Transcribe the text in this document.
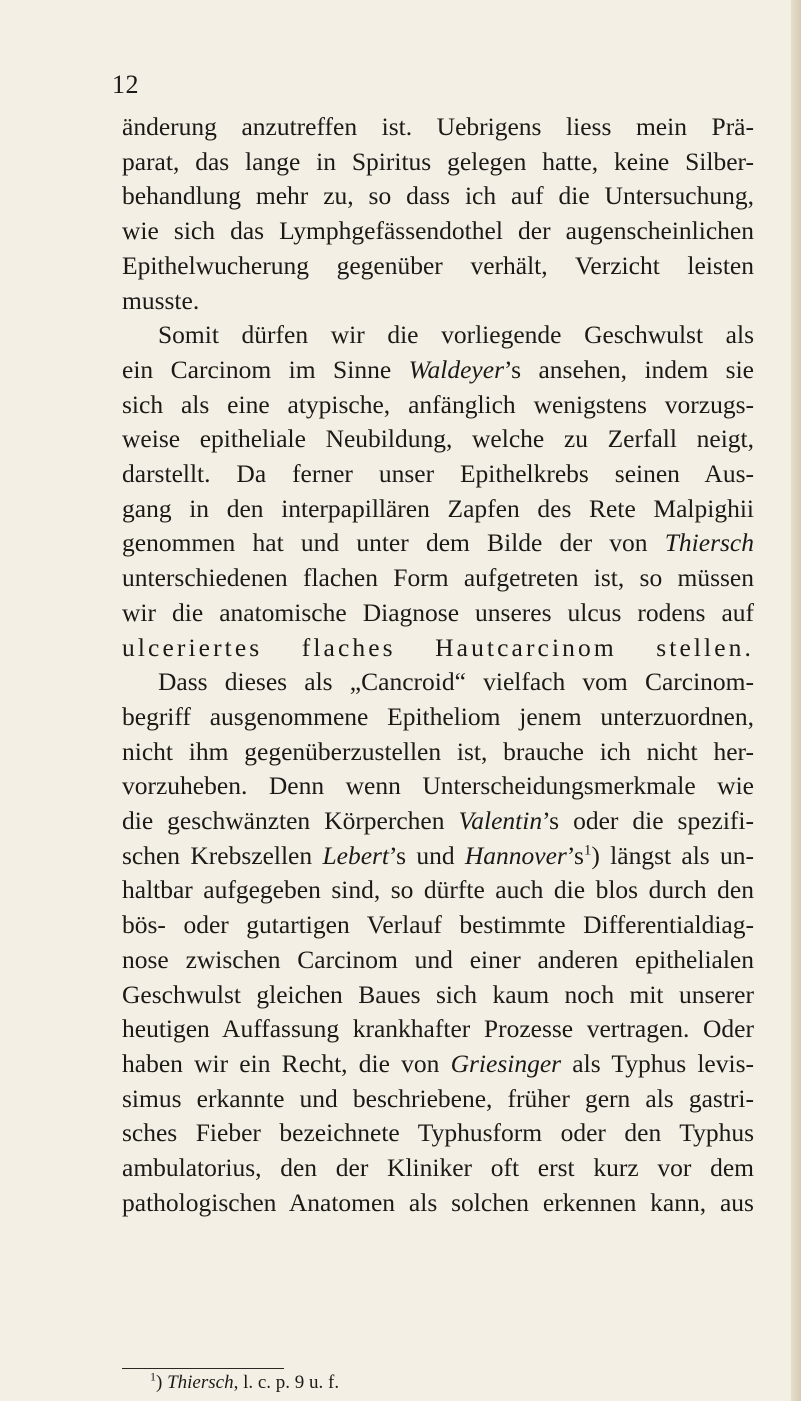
12
änderung anzutreffen ist. Uebrigens liess mein Prä-
parat, das lange in Spiritus gelegen hatte, keine Silber-
behandlung mehr zu, so dass ich auf die Untersuchung,
wie sich das Lymphgefässendothel der augenscheinlichen
Epithelwucherung gegenüber verhält, Verzicht leisten
musste.
Somit dürfen wir die vorliegende Geschwulst als
ein Carcinom im Sinne Waldeyer’s ansehen, indem sie
sich als eine atypische, anfänglich wenigstens vorzugs-
weise epitheliale Neubildung, welche zu Zerfall neigt,
darstellt. Da ferner unser Epithelkrebs seinen Aus-
gang in den interpapillären Zapfen des Rete Malpighii
genommen hat und unter dem Bilde der von Thiersch
unterschiedenen flachen Form aufgetreten ist, so müssen
wir die anatomische Diagnose unseres ulcus rodens auf
ulceriertes flaches Hautcarcinom stellen.
Dass dieses als „Cancroid“ vielfach vom Carcinom-
begriff ausgenommene Epitheliom jenem unterzuordnen,
nicht ihm gegenüberzustellen ist, brauche ich nicht her-
vorzuheben. Denn wenn Unterscheidungsmerkmale wie
die geschwänzten Körperchen Valentin’s oder die spezifi-
schen Krebszellen Lebert’s und $Hannover’s^1$) längst als un-
haltbar aufgegeben sind, so dürfte auch die blos durch den
bös- oder gutartigen Verlauf bestimmte Differentialdiag-
nose zwischen Carcinom und einer anderen epithelialen
Geschwulst gleichen Baues sich kaum noch mit unserer
heutigen Auffassung krankhafter Prozesse vertragen. Oder
haben wir ein Recht, die von Griesinger als Typhus levis-
simus erkannte und beschriebene, früher gern als gastri-
sches Fieber bezeichnete Typhusform oder den Typhus
ambulatorius, den der Kliniker oft erst kurz vor dem
pathologischen Anatomen als solchen erkennen kann, aus
$^1$) Thiersch, l. c. p. 9 u. f.
